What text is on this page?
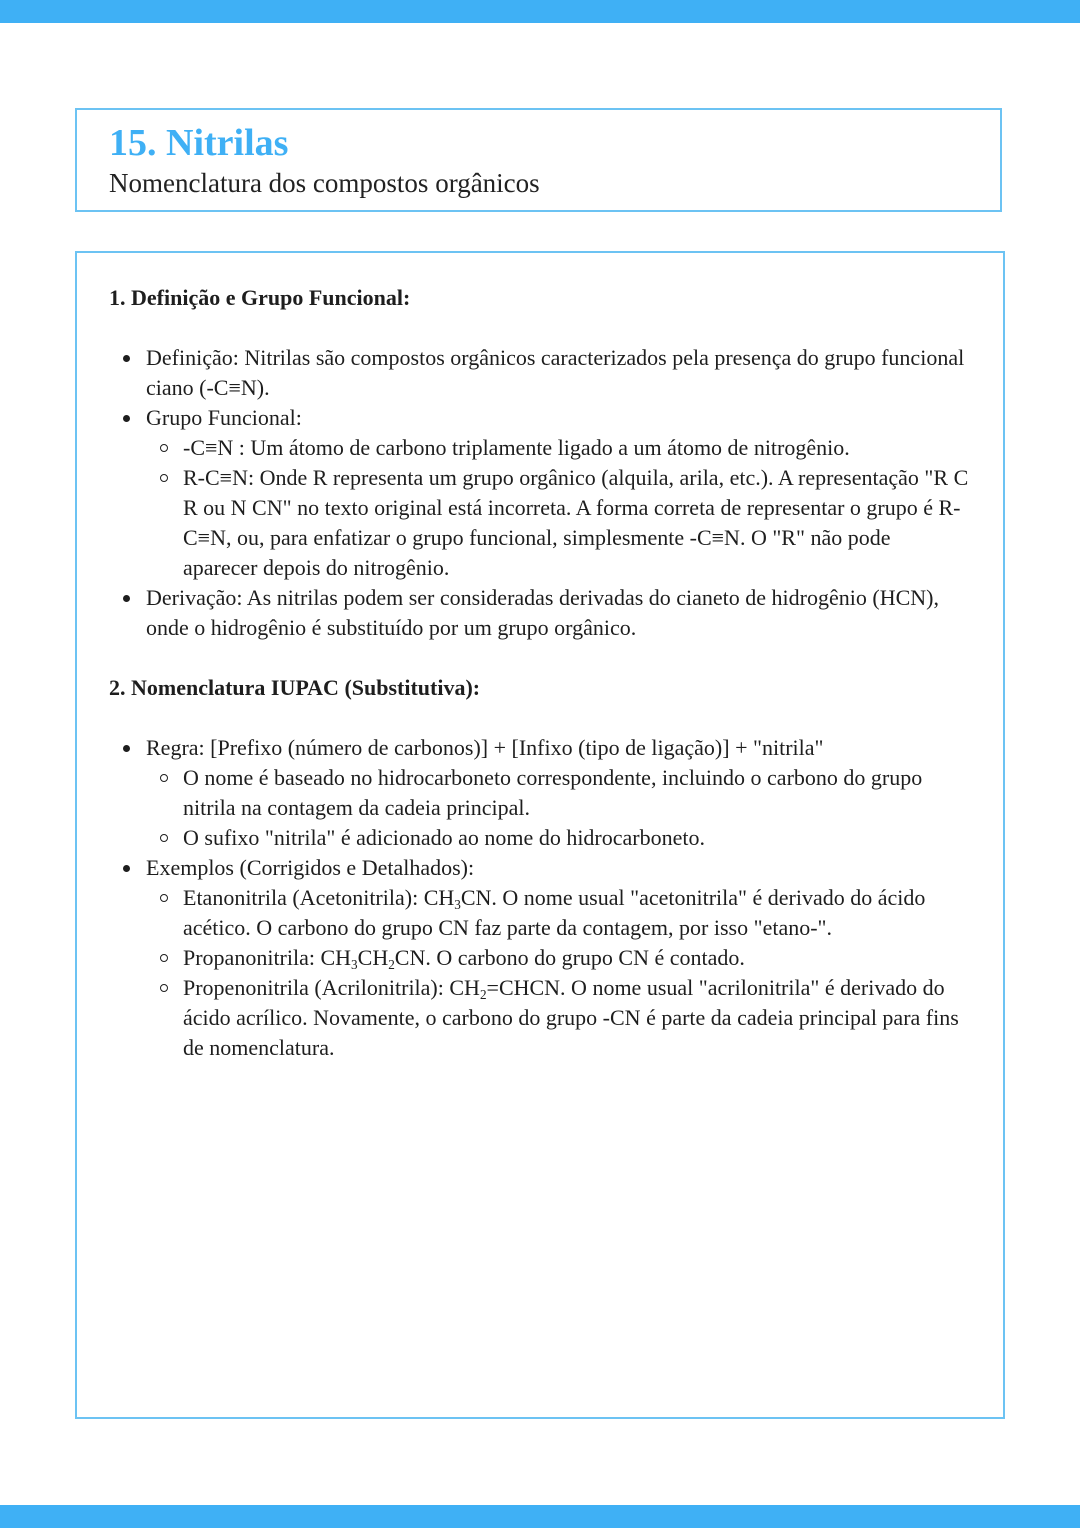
15. Nitrilas

Nomenclatura dos compostos orgânicos

1. Definição e Grupo Funcional:

Definição: Nitrilas são compostos orgânicos caracterizados pela presença do grupo funcional ciano (-C≡N).
Grupo Funcional:
-C≡N : Um átomo de carbono triplamente ligado a um átomo de nitrogênio.
R-C≡N: Onde R representa um grupo orgânico (alquila, arila, etc.). A representação "R C R ou N CN" no texto original está incorreta. A forma correta de representar o grupo é R-C≡N, ou, para enfatizar o grupo funcional, simplesmente -C≡N. O "R" não pode aparecer depois do nitrogênio.
Derivação: As nitrilas podem ser consideradas derivadas do cianeto de hidrogênio (HCN), onde o hidrogênio é substituído por um grupo orgânico.

2. Nomenclatura IUPAC (Substitutiva):

Regra: [Prefixo (número de carbonos)] + [Infixo (tipo de ligação)] + "nitrila"
O nome é baseado no hidrocarboneto correspondente, incluindo o carbono do grupo nitrila na contagem da cadeia principal.
O sufixo "nitrila" é adicionado ao nome do hidrocarboneto.
Exemplos (Corrigidos e Detalhados):
Etanonitrila (Acetonitrila): $CH_3CN$. O nome usual "acetonitrila" é derivado do ácido acético. O carbono do grupo CN faz parte da contagem, por isso "etano-".
Propanonitrila: $CH_3CH_2CN$. O carbono do grupo CN é contado.
Propenonitrila (Acrilonitrila): $CH_2=CHCN$. O nome usual "acrilonitrila" é derivado do ácido acrílico. Novamente, o carbono do grupo -CN é parte da cadeia principal para fins de nomenclatura.
